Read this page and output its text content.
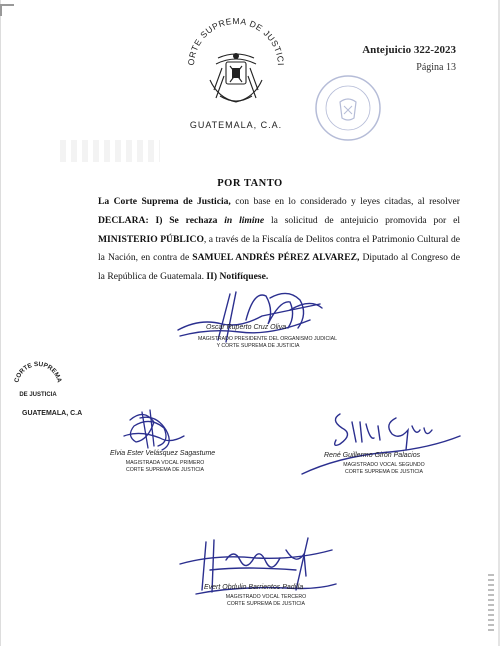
ORTE SUPREMA DE JUSTICI
GUATEMALA, C.A.
Antejuicio 322-2023
Página 13
POR TANTO
La Corte Suprema de Justicia, con base en lo considerado y leyes citadas, al resolver DECLARA: I) Se rechaza in limine la solicitud de antejuicio promovida por el MINISTERIO PÚBLICO, a través de la Fiscalía de Delitos contra el Patrimonio Cultural de la Nación, en contra de SAMUEL ANDRÉS PÉREZ ALVAREZ, Diputado al Congreso de la República de Guatemala. II) Notifíquese.
Oscar Ruperto Cruz Oliva
MAGISTRADO PRESIDENTE DEL ORGANISMO JUDICIAL
Y CORTE SUPREMA DE JUSTICIA
CORTE SUPREMA
DE JUSTICIA
GUATEMALA, C.A
Elvia Ester Velásquez Sagastume
MAGISTRADA VOCAL PRIMERO
CORTE SUPREMA DE JUSTICIA
René Guillermo Girón Palacios
MAGISTRADO VOCAL SEGUNDO
CORTE SUPREMA DE JUSTICIA
Evert Obdulio Barrientos Padilla
MAGISTRADO VOCAL TERCERO
CORTE SUPREMA DE JUSTICIA
